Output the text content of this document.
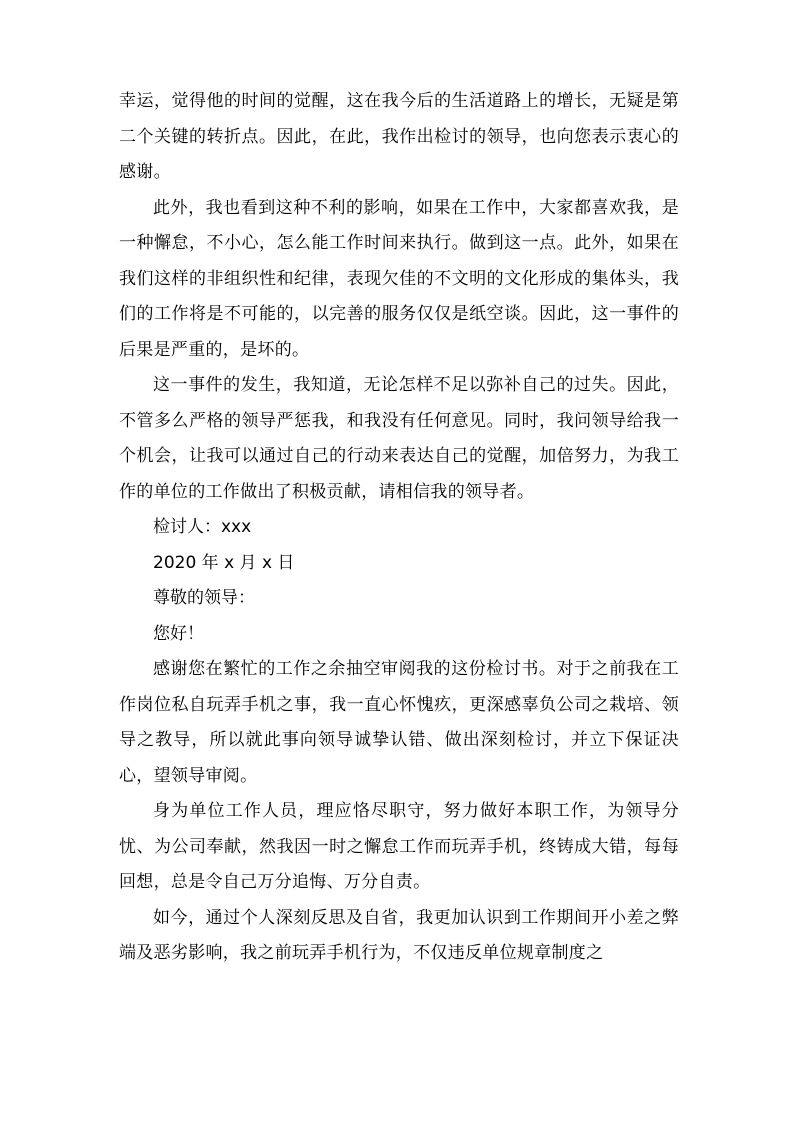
幸运，觉得他的时间的觉醒，这在我今后的生活道路上的增长，无疑是第二个关键的转折点。因此，在此，我作出检讨的领导，也向您表示衷心的感谢。

此外，我也看到这种不利的影响，如果在工作中，大家都喜欢我，是一种懈怠，不小心，怎么能工作时间来执行。做到这一点。此外，如果在我们这样的非组织性和纪律，表现欠佳的不文明的文化形成的集体头，我们的工作将是不可能的，以完善的服务仅仅是纸空谈。因此，这一事件的后果是严重的，是坏的。

这一事件的发生，我知道，无论怎样不足以弥补自己的过失。因此，不管多么严格的领导严惩我，和我没有任何意见。同时，我问领导给我一个机会，让我可以通过自己的行动来表达自己的觉醒，加倍努力，为我工作的单位的工作做出了积极贡献，请相信我的领导者。

检讨人：xxx
2020 年 x 月 x 日
尊敬的领导：
您好！

感谢您在繁忙的工作之余抽空审阅我的这份检讨书。对于之前我在工作岗位私自玩弄手机之事，我一直心怀愧疚，更深感辜负公司之栽培、领导之教导，所以就此事向领导诚挚认错、做出深刻检讨，并立下保证决心，望领导审阅。

身为单位工作人员，理应恪尽职守，努力做好本职工作，为领导分忧、为公司奉献，然我因一时之懈怠工作而玩弄手机，终铸成大错，每每回想，总是令自己万分追悔、万分自责。

如今，通过个人深刻反思及自省，我更加认识到工作期间开小差之弊端及恶劣影响，我之前玩弄手机行为，不仅违反单位规章制度之
